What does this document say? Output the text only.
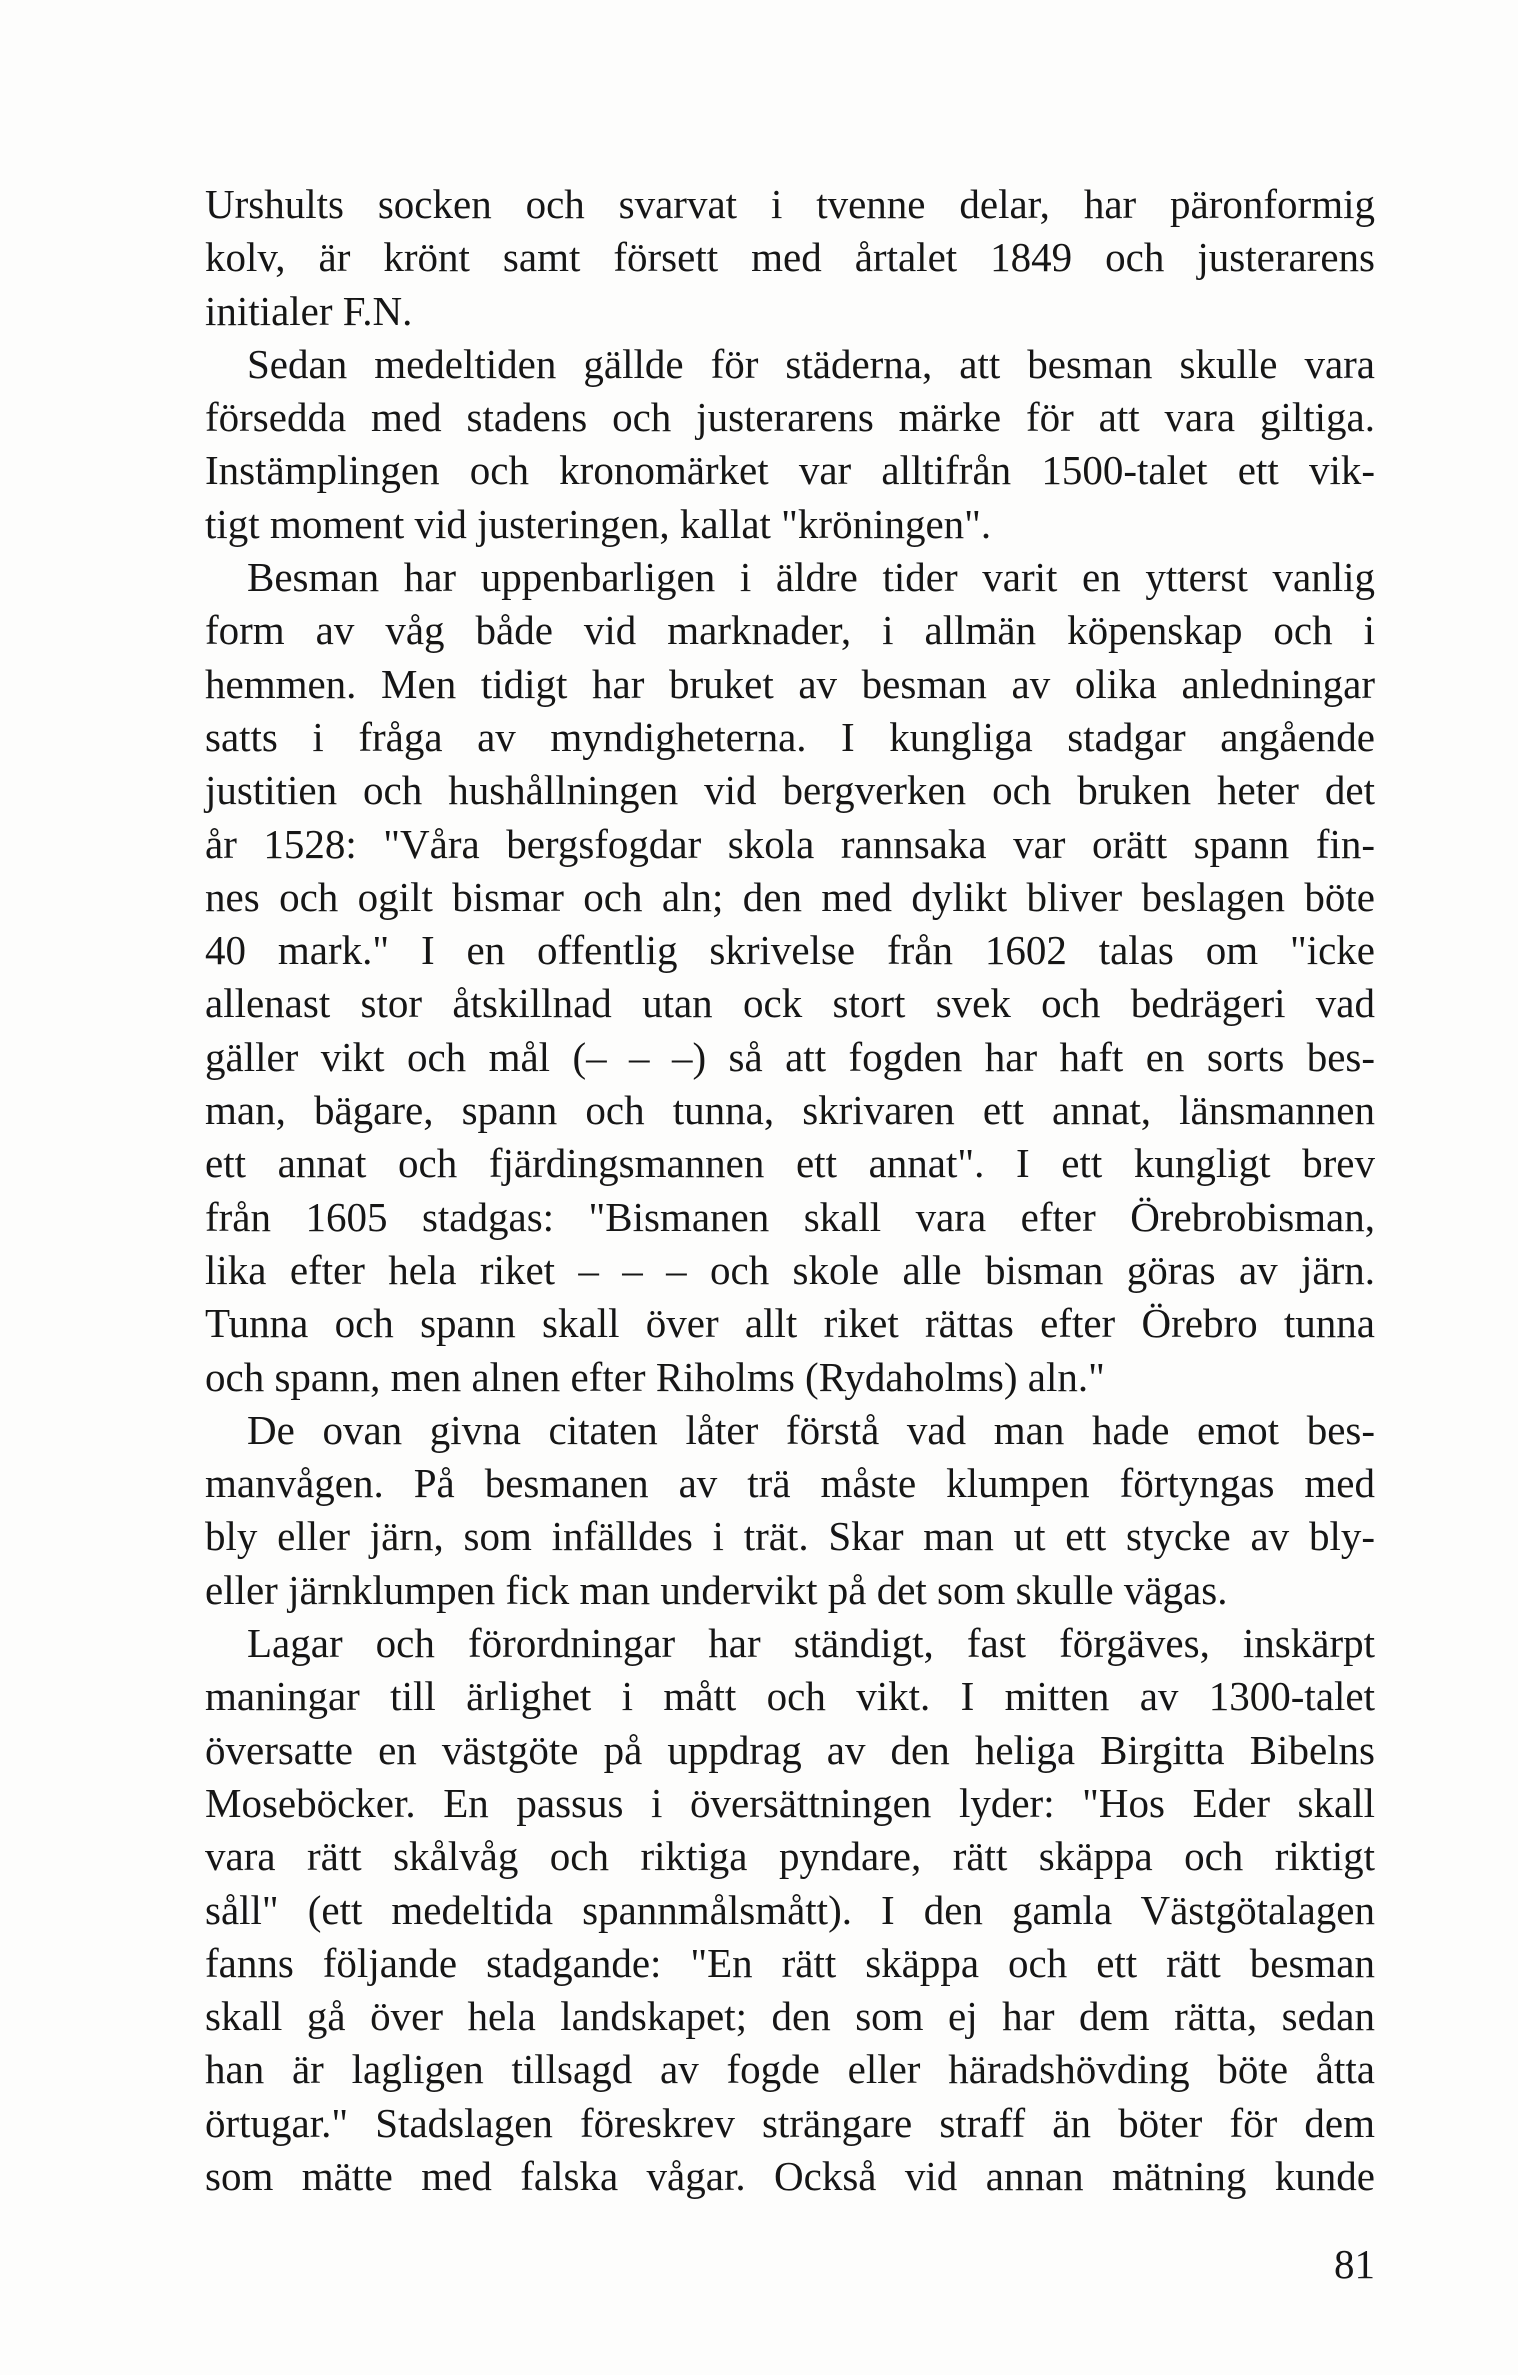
Urshults socken och svarvat i tvenne delar, har päronformig
kolv, är krönt samt försett med årtalet 1849 och justerarens
initialer F.N.
Sedan medeltiden gällde för städerna, att besman skulle vara
försedda med stadens och justerarens märke för att vara giltiga.
Instämplingen och kronomärket var alltifrån 1500-talet ett vik-
tigt moment vid justeringen, kallat "kröningen".
Besman har uppenbarligen i äldre tider varit en ytterst vanlig
form av våg både vid marknader, i allmän köpenskap och i
hemmen. Men tidigt har bruket av besman av olika anledningar
satts i fråga av myndigheterna. I kungliga stadgar angående
justitien och hushållningen vid bergverken och bruken heter det
år 1528: "Våra bergsfogdar skola rannsaka var orätt spann fin-
nes och ogilt bismar och aln; den med dylikt bliver beslagen böte
40 mark." I en offentlig skrivelse från 1602 talas om "icke
allenast stor åtskillnad utan ock stort svek och bedrägeri vad
gäller vikt och mål (– – –) så att fogden har haft en sorts bes-
man, bägare, spann och tunna, skrivaren ett annat, länsmannen
ett annat och fjärdingsmannen ett annat". I ett kungligt brev
från 1605 stadgas: "Bismanen skall vara efter Örebrobisman,
lika efter hela riket – – – och skole alle bisman göras av järn.
Tunna och spann skall över allt riket rättas efter Örebro tunna
och spann, men alnen efter Riholms (Rydaholms) aln."
De ovan givna citaten låter förstå vad man hade emot bes-
manvågen. På besmanen av trä måste klumpen förtyngas med
bly eller järn, som infälldes i trät. Skar man ut ett stycke av bly-
eller järnklumpen fick man undervikt på det som skulle vägas.
Lagar och förordningar har ständigt, fast förgäves, inskärpt
maningar till ärlighet i mått och vikt. I mitten av 1300-talet
översatte en västgöte på uppdrag av den heliga Birgitta Bibelns
Moseböcker. En passus i översättningen lyder: "Hos Eder skall
vara rätt skålvåg och riktiga pyndare, rätt skäppa och riktigt
såll" (ett medeltida spannmålsmått). I den gamla Västgötalagen
fanns följande stadgande: "En rätt skäppa och ett rätt besman
skall gå över hela landskapet; den som ej har dem rätta, sedan
han är lagligen tillsagd av fogde eller häradshövding böte åtta
örtugar." Stadslagen föreskrev strängare straff än böter för dem
som mätte med falska vågar. Också vid annan mätning kunde
81
